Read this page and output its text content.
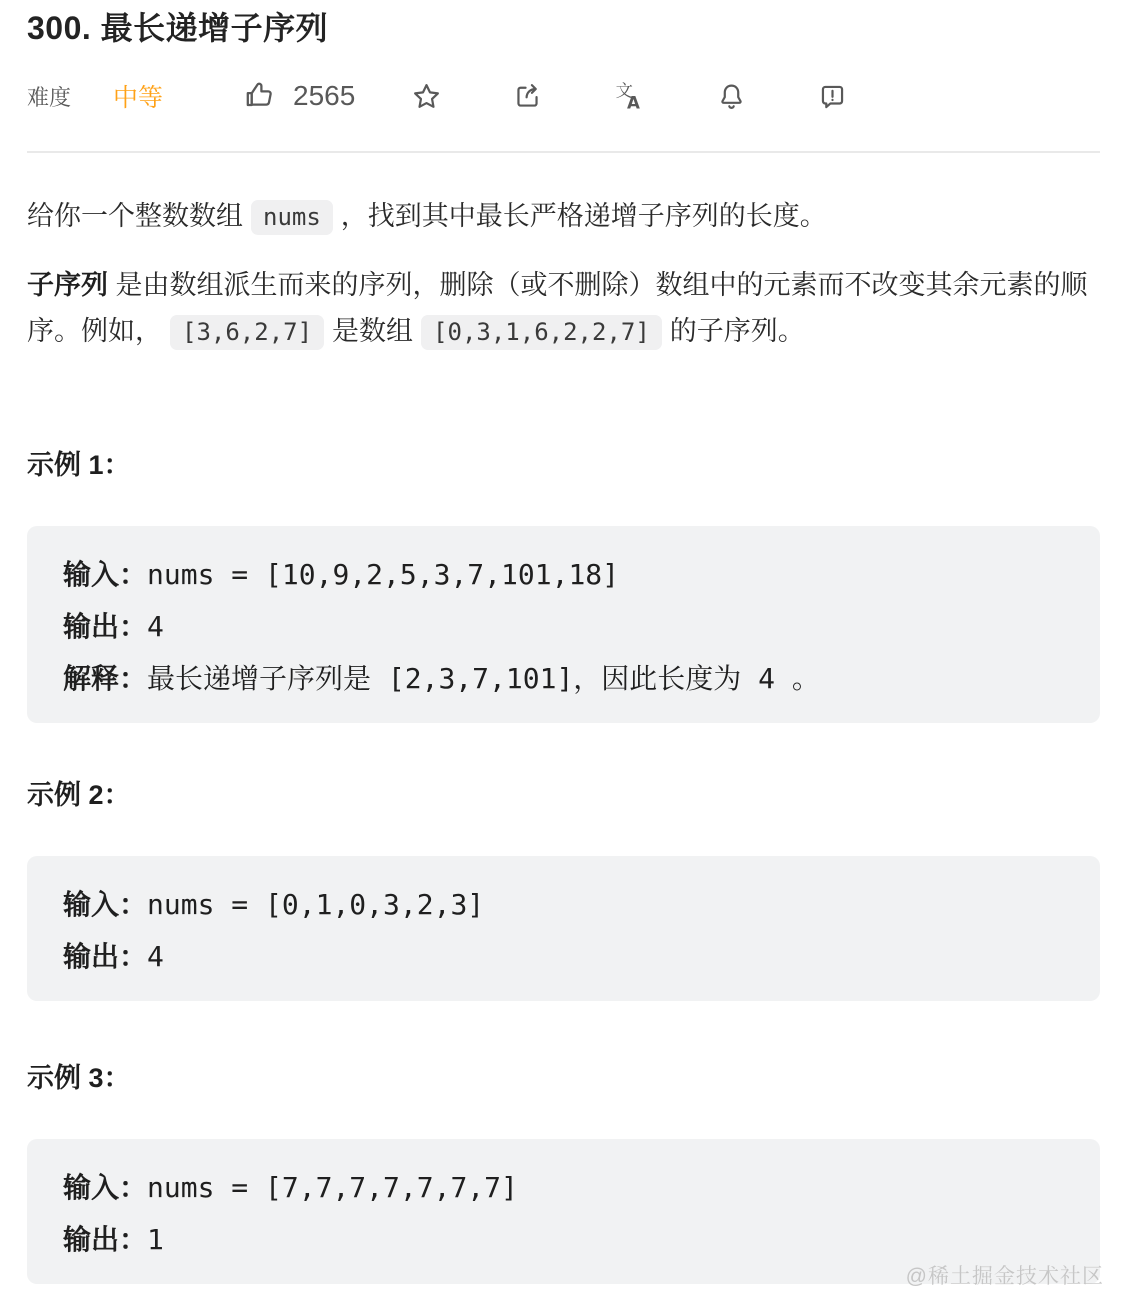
300. 最长递增子序列
难度 中等	2565	文
A

给你一个整数数组 nums ，找到其中最长严格递增子序列的长度。

子序列 是由数组派生而来的序列，删除（或不删除）数组中的元素而不改变其余元素的顺序。例如， [3,6,2,7] 是数组 [0,3,1,6,2,2,7] 的子序列。

示例 1：
输入：nums = [10,9,2,5,3,7,101,18]
输出：4
解释：最长递增子序列是 [2,3,7,101]，因此长度为 4 。
示例 2：
输入：nums = [0,1,0,3,2,3]
输出：4
示例 3：
输入：nums = [7,7,7,7,7,7,7]
输出：1
@稀土掘金技术社区
